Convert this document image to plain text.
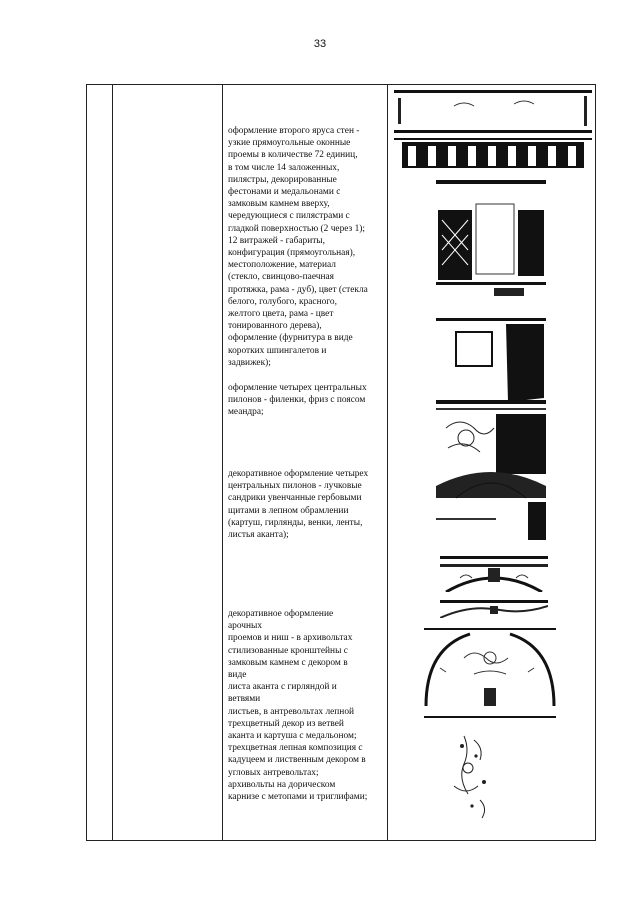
33

оформление второго яруса стен -

узкие прямоугольные оконные

проемы в количестве 72 единиц,

в том числе 14 заложенных,

пилястры, декорированные

фестонами и медальонами с

замковым камнем вверху,

чередующиеся с пилястрами с

гладкой поверхностью (2 через 1);

12 витражей - габариты,

конфигурация (прямоугольная),

местоположение, материал

(стекло, свинцово-паечная

протяжка, рама - дуб), цвет (стекла

белого, голубого, красного,

желтого цвета, рама - цвет

тонированного дерева),

оформление (фурнитура в виде

коротких шпингалетов и

задвижек);

оформление четырех центральных

пилонов - филенки, фриз с поясом

меандра;

декоративное оформление четырех

центральных пилонов - лучковые

сандрики увенчанные гербовыми

щитами в лепном обрамлении

(картуш, гирлянды, венки, ленты,

листья аканта);

декоративное оформление

арочных

проемов и ниш - в архивольтах

стилизованные кронштейны с

замковым камнем с декором в

виде

листа аканта с гирляндой и

ветвями

листьев, в антревольтах лепной

трехцветный декор из ветвей

аканта и картуша с медальоном;

трехцветная лепная композиция с

кадуцеем и лиственным декором в

угловых антревольтах;

архивольты на дорическом

карнизе с метопами и триглифами;
